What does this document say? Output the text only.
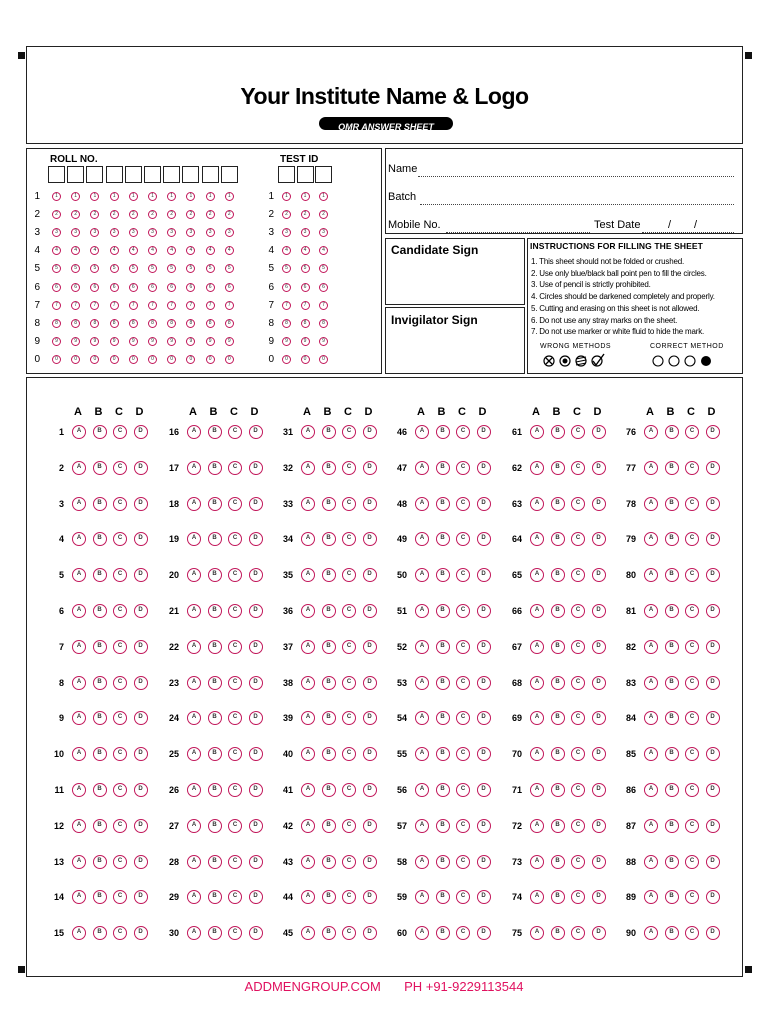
Your Institute Name & Logo
OMR ANSWER SHEET
ROLL NO.	TEST ID
1	1	1	1	1	1	1	1	1	1	1	1	1	1	1
2	2	2	2	2	2	2	2	2	2	2	2	2	2	2
3	3	3	3	3	3	3	3	3	3	3	3	3	3	3
4	4	4	4	4	4	4	4	4	4	4	4	4	4	4
5	5	5	5	5	5	5	5	5	5	5	5	5	5	5
6	6	6	6	6	6	6	6	6	6	6	6	6	6	6
7	7	7	7	7	7	7	7	7	7	7	7	7	7	7
8	8	8	8	8	8	8	8	8	8	8	8	8	8	8
9	9	9	9	9	9	9	9	9	9	9	9	9	9	9
0	0	0	0	0	0	0	0	0	0	0	0	0	0	0
Name
Batch
Mobile No.	Test Date	/ /
Candidate Sign
Invigilator Sign
INSTRUCTIONS FOR FILLING THE SHEET
1. This sheet should not be folded or crushed.
2. Use only blue/black ball point pen to fill the circles.
3. Use of pencil is strictly prohibited.
4. Circles should be darkened completely and properly.
5. Cutting and erasing on this sheet is not allowed.
6. Do not use any stray marks on the sheet.
7. Do not use marker or white fluid to hide the mark.
WRONG METHODS	CORRECT METHOD
A B C D
1	A	B	C	D
2	A	B	C	D
3	A	B	C	D
4	A	B	C	D
5	A	B	C	D
6	A	B	C	D
7	A	B	C	D
8	A	B	C	D
9	A	B	C	D
10	A	B	C	D
11	A	B	C	D
12	A	B	C	D
13	A	B	C	D
14	A	B	C	D
15	A	B	C	D
A B C D
16	A	B	C	D
17	A	B	C	D
18	A	B	C	D
19	A	B	C	D
20	A	B	C	D
21	A	B	C	D
22	A	B	C	D
23	A	B	C	D
24	A	B	C	D
25	A	B	C	D
26	A	B	C	D
27	A	B	C	D
28	A	B	C	D
29	A	B	C	D
30	A	B	C	D
A B C D
31	A	B	C	D
32	A	B	C	D
33	A	B	C	D
34	A	B	C	D
35	A	B	C	D
36	A	B	C	D
37	A	B	C	D
38	A	B	C	D
39	A	B	C	D
40	A	B	C	D
41	A	B	C	D
42	A	B	C	D
43	A	B	C	D
44	A	B	C	D
45	A	B	C	D
A B C D
46	A	B	C	D
47	A	B	C	D
48	A	B	C	D
49	A	B	C	D
50	A	B	C	D
51	A	B	C	D
52	A	B	C	D
53	A	B	C	D
54	A	B	C	D
55	A	B	C	D
56	A	B	C	D
57	A	B	C	D
58	A	B	C	D
59	A	B	C	D
60	A	B	C	D
A B C D
61	A	B	C	D
62	A	B	C	D
63	A	B	C	D
64	A	B	C	D
65	A	B	C	D
66	A	B	C	D
67	A	B	C	D
68	A	B	C	D
69	A	B	C	D
70	A	B	C	D
71	A	B	C	D
72	A	B	C	D
73	A	B	C	D
74	A	B	C	D
75	A	B	C	D
A B C D
76	A	B	C	D
77	A	B	C	D
78	A	B	C	D
79	A	B	C	D
80	A	B	C	D
81	A	B	C	D
82	A	B	C	D
83	A	B	C	D
84	A	B	C	D
85	A	B	C	D
86	A	B	C	D
87	A	B	C	D
88	A	B	C	D
89	A	B	C	D
90	A	B	C	D
ADDMENGROUP.COM PH +91-9229113544
